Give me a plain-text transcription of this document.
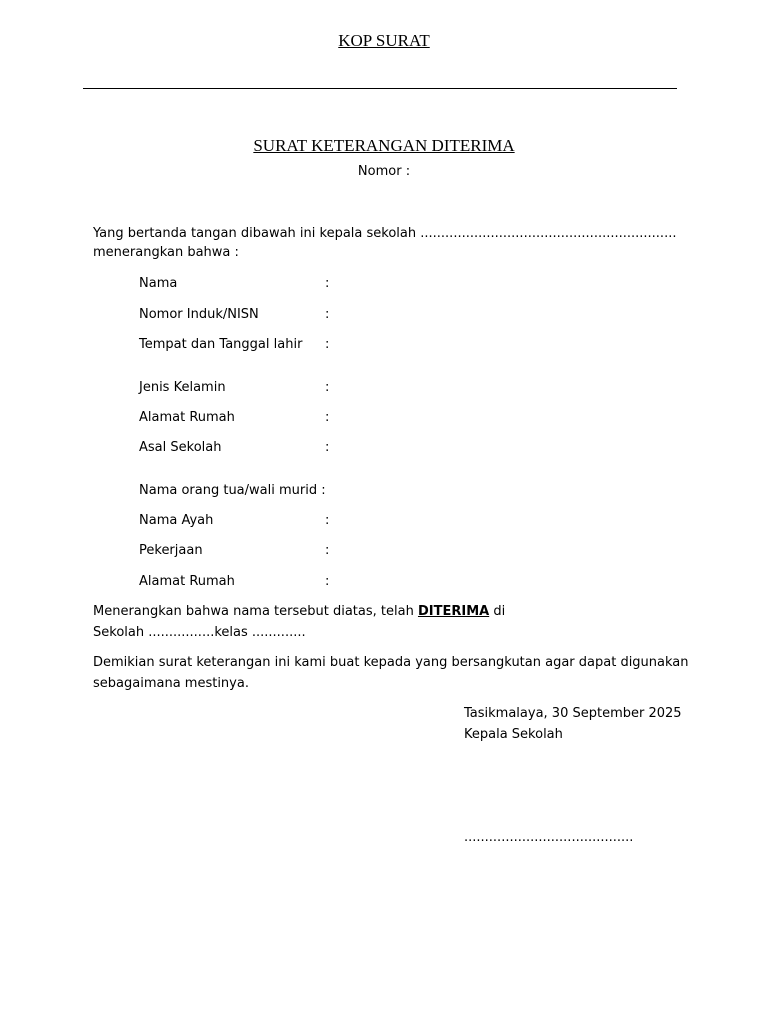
KOP SURAT
SURAT KETERANGAN DITERIMA
Nomor :
Yang bertanda tangan dibawah ini kepala sekolah ..............................................................
menerangkan bahwa :
Nama	:
Nomor Induk/NISN	:
Tempat dan Tanggal lahir :
Jenis Kelamin	:
Alamat Rumah	:
Asal Sekolah	:
Nama orang tua/wali murid :
Nama Ayah	:
Pekerjaan	:
Alamat Rumah	:
Menerangkan bahwa nama tersebut diatas, telah DITERIMA di
Sekolah ................kelas .............
Demikian surat keterangan ini kami buat kepada yang bersangkutan agar dapat digunakan
sebagaimana mestinya.
Tasikmalaya, 30 September 2025
Kepala Sekolah
.........................................
